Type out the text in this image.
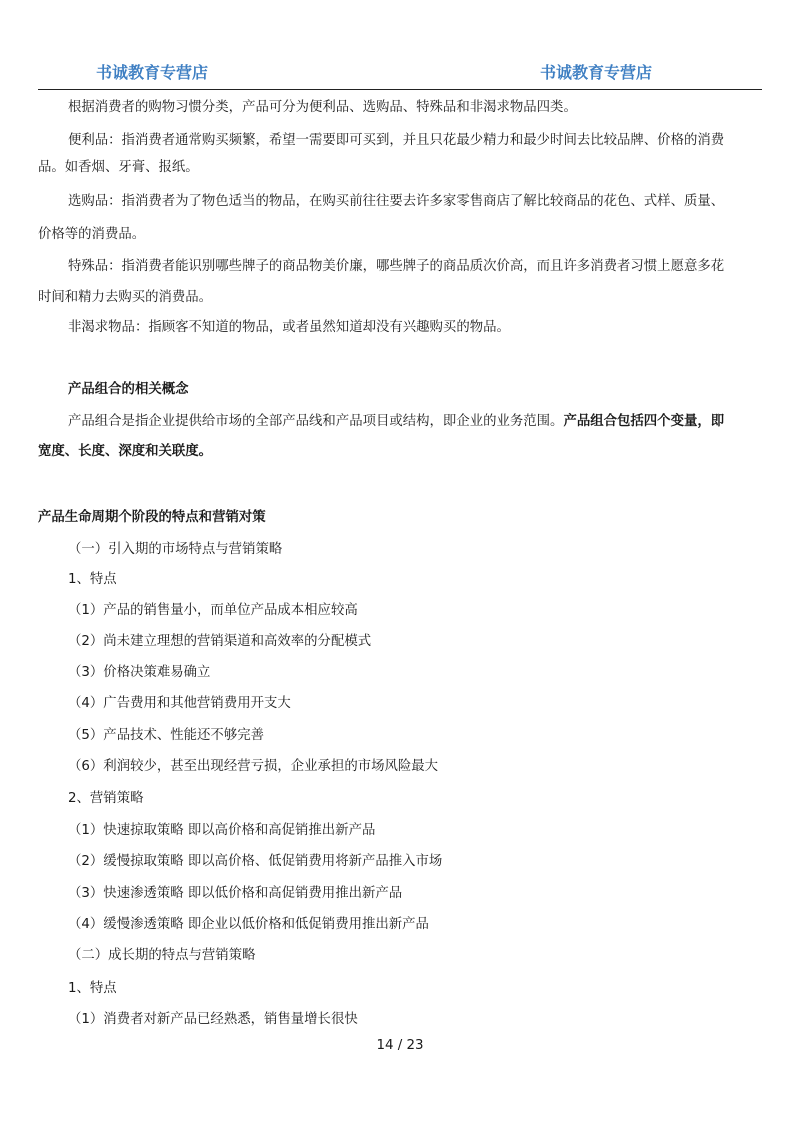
书诚教育专营店	书诚教育专营店
根据消费者的购物习惯分类，产品可分为便利品、选购品、特殊品和非渴求物品四类。
便利品：指消费者通常购买频繁，希望一需要即可买到，并且只花最少精力和最少时间去比较品牌、价格的消费
品。如香烟、牙膏、报纸。
选购品：指消费者为了物色适当的物品，在购买前往往要去许多家零售商店了解比较商品的花色、式样、质量、
价格等的消费品。
特殊品：指消费者能识别哪些牌子的商品物美价廉，哪些牌子的商品质次价高，而且许多消费者习惯上愿意多花
时间和精力去购买的消费品。
非渴求物品：指顾客不知道的物品，或者虽然知道却没有兴趣购买的物品。
产品组合的相关概念
产品组合是指企业提供给市场的全部产品线和产品项目或结构，即企业的业务范围。产品组合包括四个变量，即
宽度、长度、深度和关联度。
产品生命周期个阶段的特点和营销对策
（一）引入期的市场特点与营销策略
1、特点
（1）产品的销售量小，而单位产品成本相应较高
（2）尚未建立理想的营销渠道和高效率的分配模式
（3）价格决策难易确立
（4）广告费用和其他营销费用开支大
（5）产品技术、性能还不够完善
（6）利润较少，甚至出现经营亏损，企业承担的市场风险最大
2、营销策略
（1）快速掠取策略 即以高价格和高促销推出新产品
（2）缓慢掠取策略 即以高价格、低促销费用将新产品推入市场
（3）快速渗透策略 即以低价格和高促销费用推出新产品
（4）缓慢渗透策略 即企业以低价格和低促销费用推出新产品
（二）成长期的特点与营销策略
1、特点
（1）消费者对新产品已经熟悉，销售量增长很快
14 / 23
